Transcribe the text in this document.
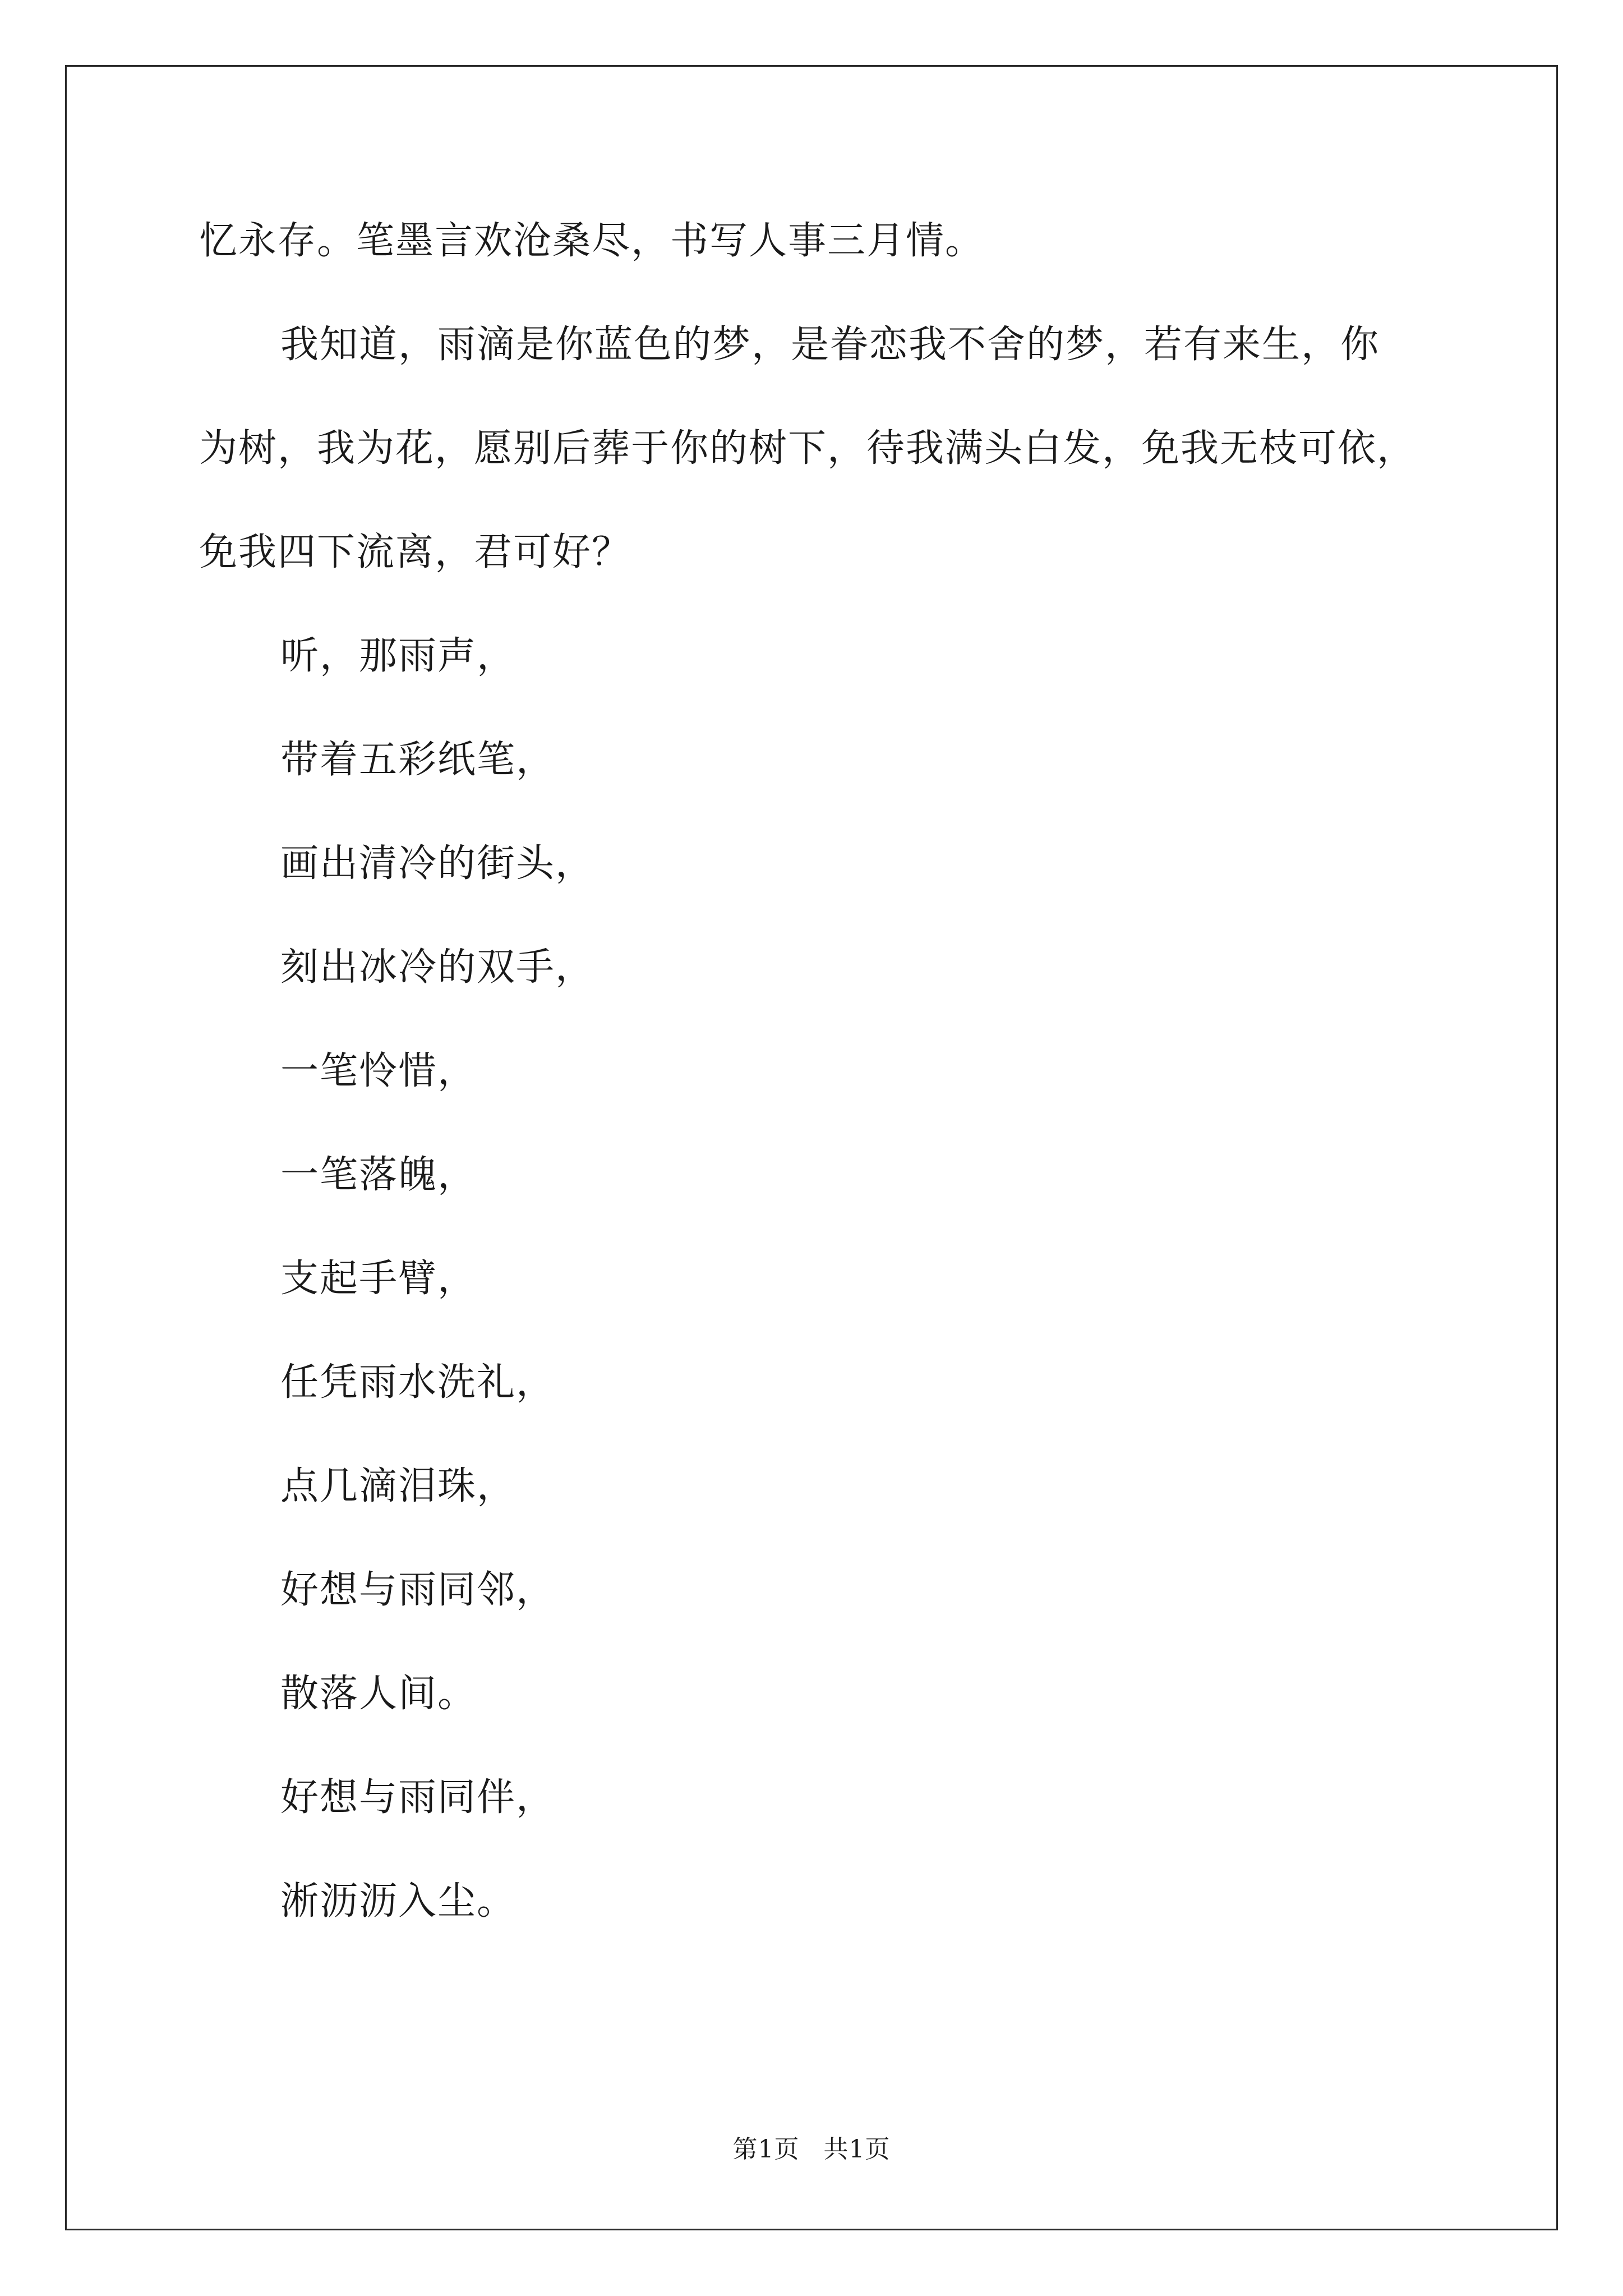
忆永存。笔墨言欢沧桑尽，书写人事三月情。
我知道，雨滴是你蓝色的梦，是眷恋我不舍的梦，若有来生，你
为树，我为花，愿别后葬于你的树下，待我满头白发，免我无枝可依，
免我四下流离，君可好？
听，那雨声，
带着五彩纸笔，
画出清冷的街头，
刻出冰冷的双手，
一笔怜惜，
一笔落魄，
支起手臂，
任凭雨水洗礼，
点几滴泪珠，
好想与雨同邻，
散落人间。
好想与雨同伴，
淅沥沥入尘。
第1页 共1页
